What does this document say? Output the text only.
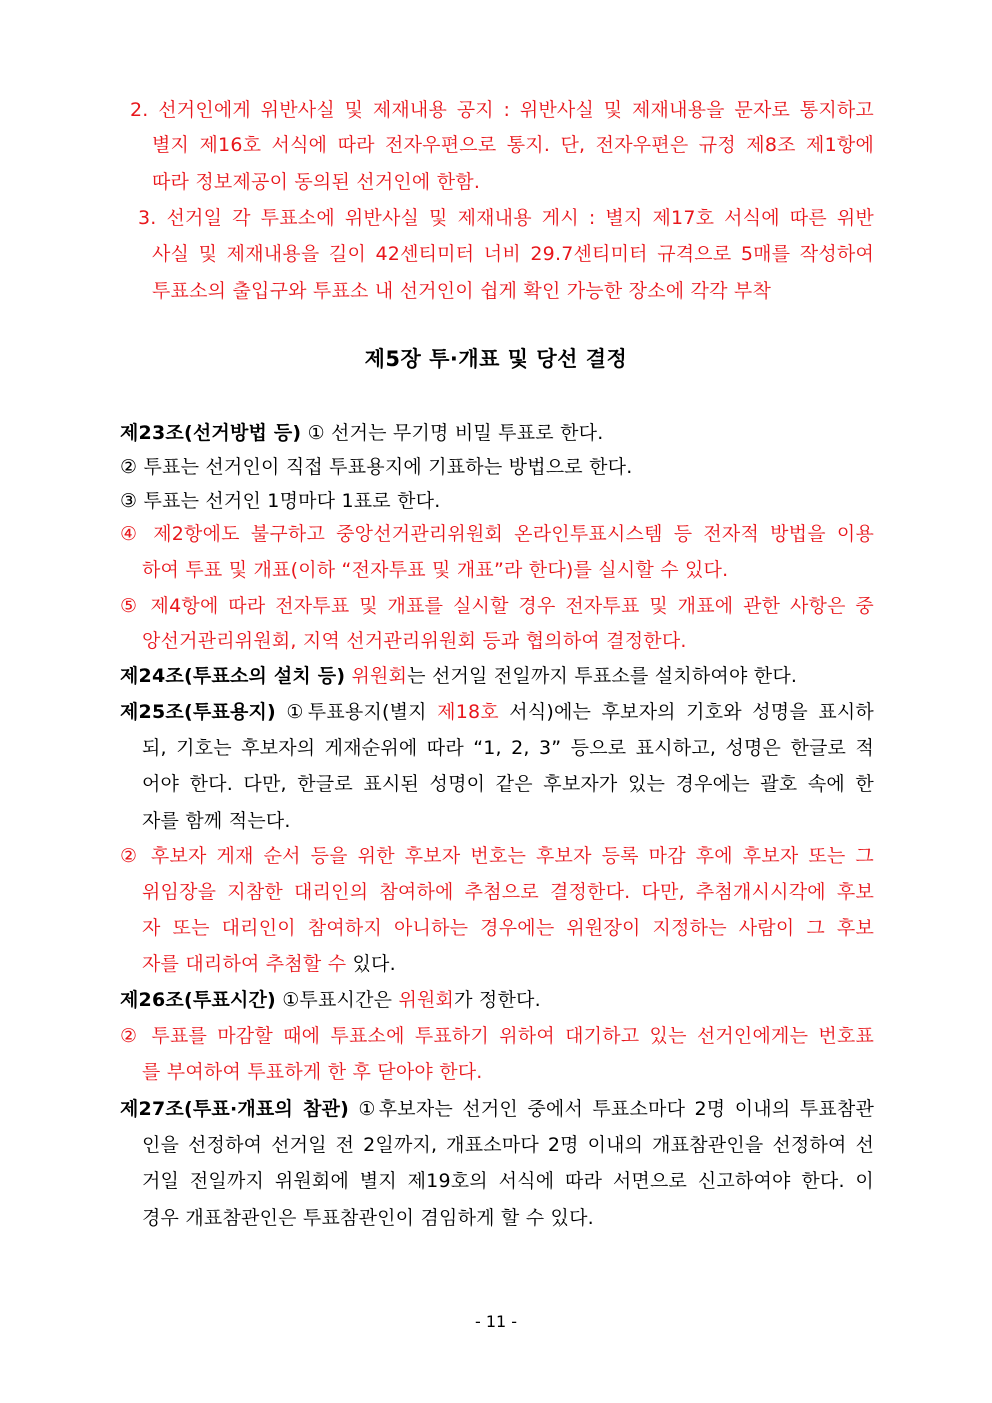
2. 선거인에게 위반사실 및 제재내용 공지 : 위반사실 및 제재내용을 문자로 통지하고
별지 제16호 서식에 따라 전자우편으로 통지. 단, 전자우편은 규정 제8조 제1항에
따라 정보제공이 동의된 선거인에 한함.
3. 선거일 각 투표소에 위반사실 및 제재내용 게시 : 별지 제17호 서식에 따른 위반
사실 및 제재내용을 길이 42센티미터 너비 29.7센티미터 규격으로 5매를 작성하여
투표소의 출입구와 투표소 내 선거인이 쉽게 확인 가능한 장소에 각각 부착
제5장 투·개표 및 당선 결정
제23조(선거방법 등) ① 선거는 무기명 비밀 투표로 한다.
② 투표는 선거인이 직접 투표용지에 기표하는 방법으로 한다.
③ 투표는 선거인 1명마다 1표로 한다.
④ 제2항에도 불구하고 중앙선거관리위원회 온라인투표시스템 등 전자적 방법을 이용
하여 투표 및 개표(이하 “전자투표 및 개표”라 한다)를 실시할 수 있다.
⑤ 제4항에 따라 전자투표 및 개표를 실시할 경우 전자투표 및 개표에 관한 사항은 중
앙선거관리위원회, 지역 선거관리위원회 등과 협의하여 결정한다.
제24조(투표소의 설치 등) 위원회는 선거일 전일까지 투표소를 설치하여야 한다.
제25조(투표용지) ①투표용지(별지 제18호 서식)에는 후보자의 기호와 성명을 표시하
되, 기호는 후보자의 게재순위에 따라 “1, 2, 3” 등으로 표시하고, 성명은 한글로 적
어야 한다. 다만, 한글로 표시된 성명이 같은 후보자가 있는 경우에는 괄호 속에 한
자를 함께 적는다.
② 후보자 게재 순서 등을 위한 후보자 번호는 후보자 등록 마감 후에 후보자 또는 그
위임장을 지참한 대리인의 참여하에 추첨으로 결정한다. 다만, 추첨개시시각에 후보
자 또는 대리인이 참여하지 아니하는 경우에는 위원장이 지정하는 사람이 그 후보
자를 대리하여 추첨할 수 있다.
제26조(투표시간) ①투표시간은 위원회가 정한다.
② 투표를 마감할 때에 투표소에 투표하기 위하여 대기하고 있는 선거인에게는 번호표
를 부여하여 투표하게 한 후 닫아야 한다.
제27조(투표·개표의 참관) ①후보자는 선거인 중에서 투표소마다 2명 이내의 투표참관
인을 선정하여 선거일 전 2일까지, 개표소마다 2명 이내의 개표참관인을 선정하여 선
거일 전일까지 위원회에 별지 제19호의 서식에 따라 서면으로 신고하여야 한다. 이
경우 개표참관인은 투표참관인이 겸임하게 할 수 있다.
- 11 -
